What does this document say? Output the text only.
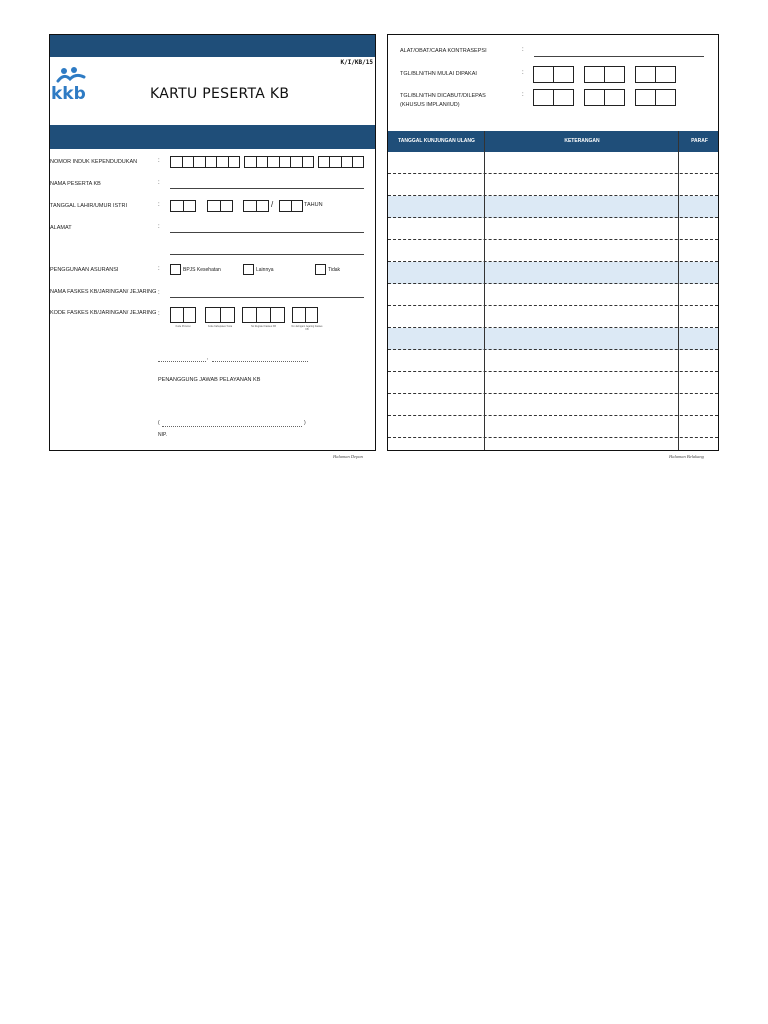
K/I/KB/15
kkb	KARTU PESERTA KB
NOMOR INDUK KEPENDUDUKAN	:
NAMA PESERTA KB	:
TANGGAL LAHIR/UMUR ISTRI	:	/	TAHUN
ALAMAT	:
PENGGUNAAN ASURANSI	:	BPJS Kesehatan	Lainnya	Tidak
NAMA FASKES KB/JARINGAN/ JEJARING :
KODE FASKES KB/JARINGAN/ JEJARING :
Kode Provinsi	Kode Kabupaten/ Kota	No Register Faskes KB	No Jaringan/ Jejaring Faskes KB
,
PENANGGUNG JAWAB PELAYANAN KB
(	)
NIP.
Halaman Depan
ALAT/OBAT/CARA KONTRASEPSI	:
TGL/BLN/THN MULAI DIPAKAI	:
TGL/BLN/THN DICABUT/DILEPAS
(KHUSUS IMPLAN/IUD)
:
TANGGAL KUNJUNGAN ULANG	KETERANGAN	PARAF
Halaman Belakang
